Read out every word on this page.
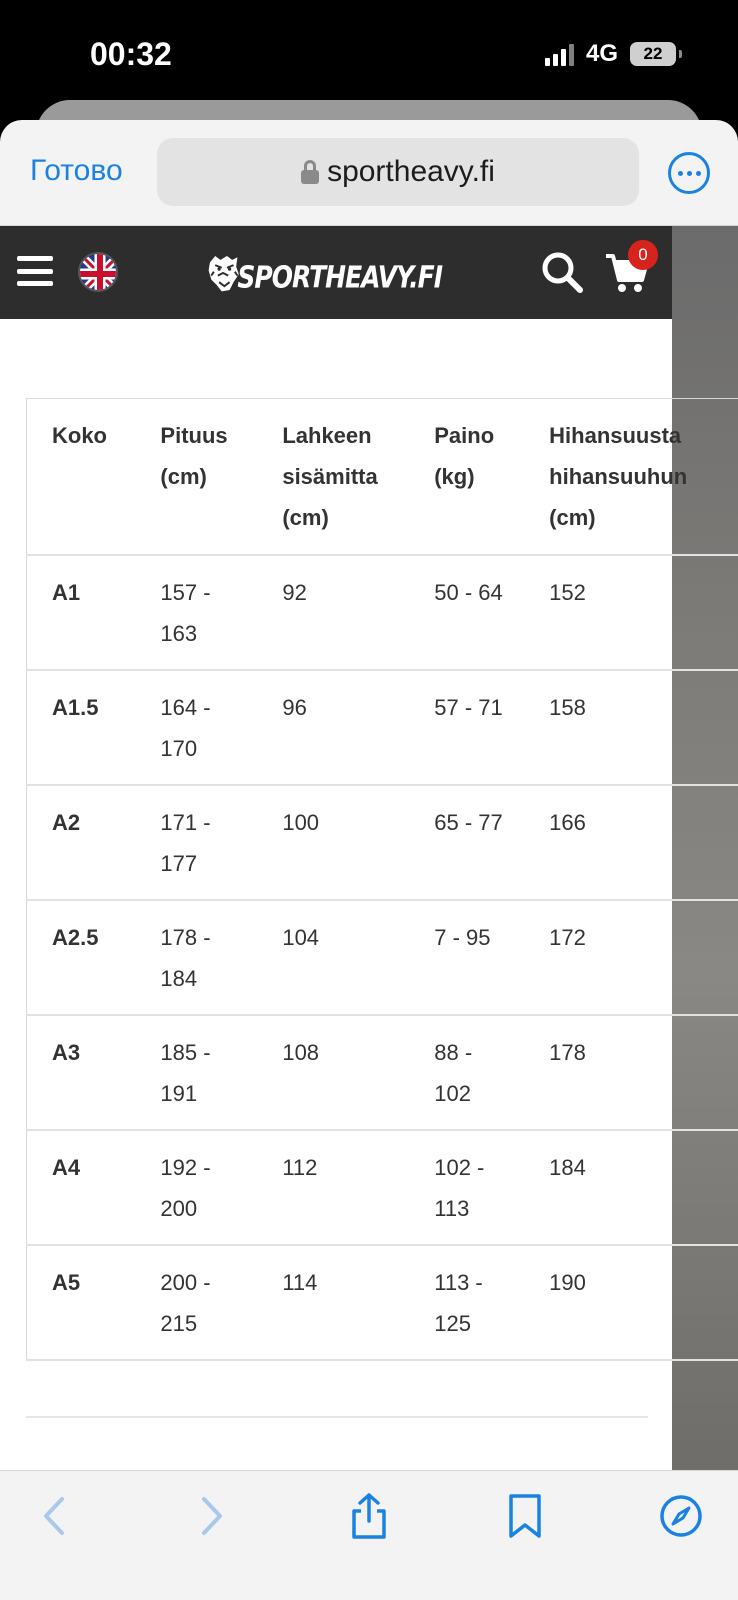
00:32	4G 22
Готово	sportheavy.fi
SPORTHEAVY.FI
0
Koko	Pituus (cm)	Lahkeen sisämitta (cm)	Paino (kg)	Hihansuusta hihansuuhun (cm)
A1	157 - 163	92	50 - 64	152
A1.5	164 - 170	96	57 - 71	158
A2	171 - 177	100	65 - 77	166
A2.5	178 - 184	104	7 - 95	172
A3	185 - 191	108	88 - 102	178
A4	192 - 200	112	102 - 113	184
A5	200 - 215	114	113 - 125	190
